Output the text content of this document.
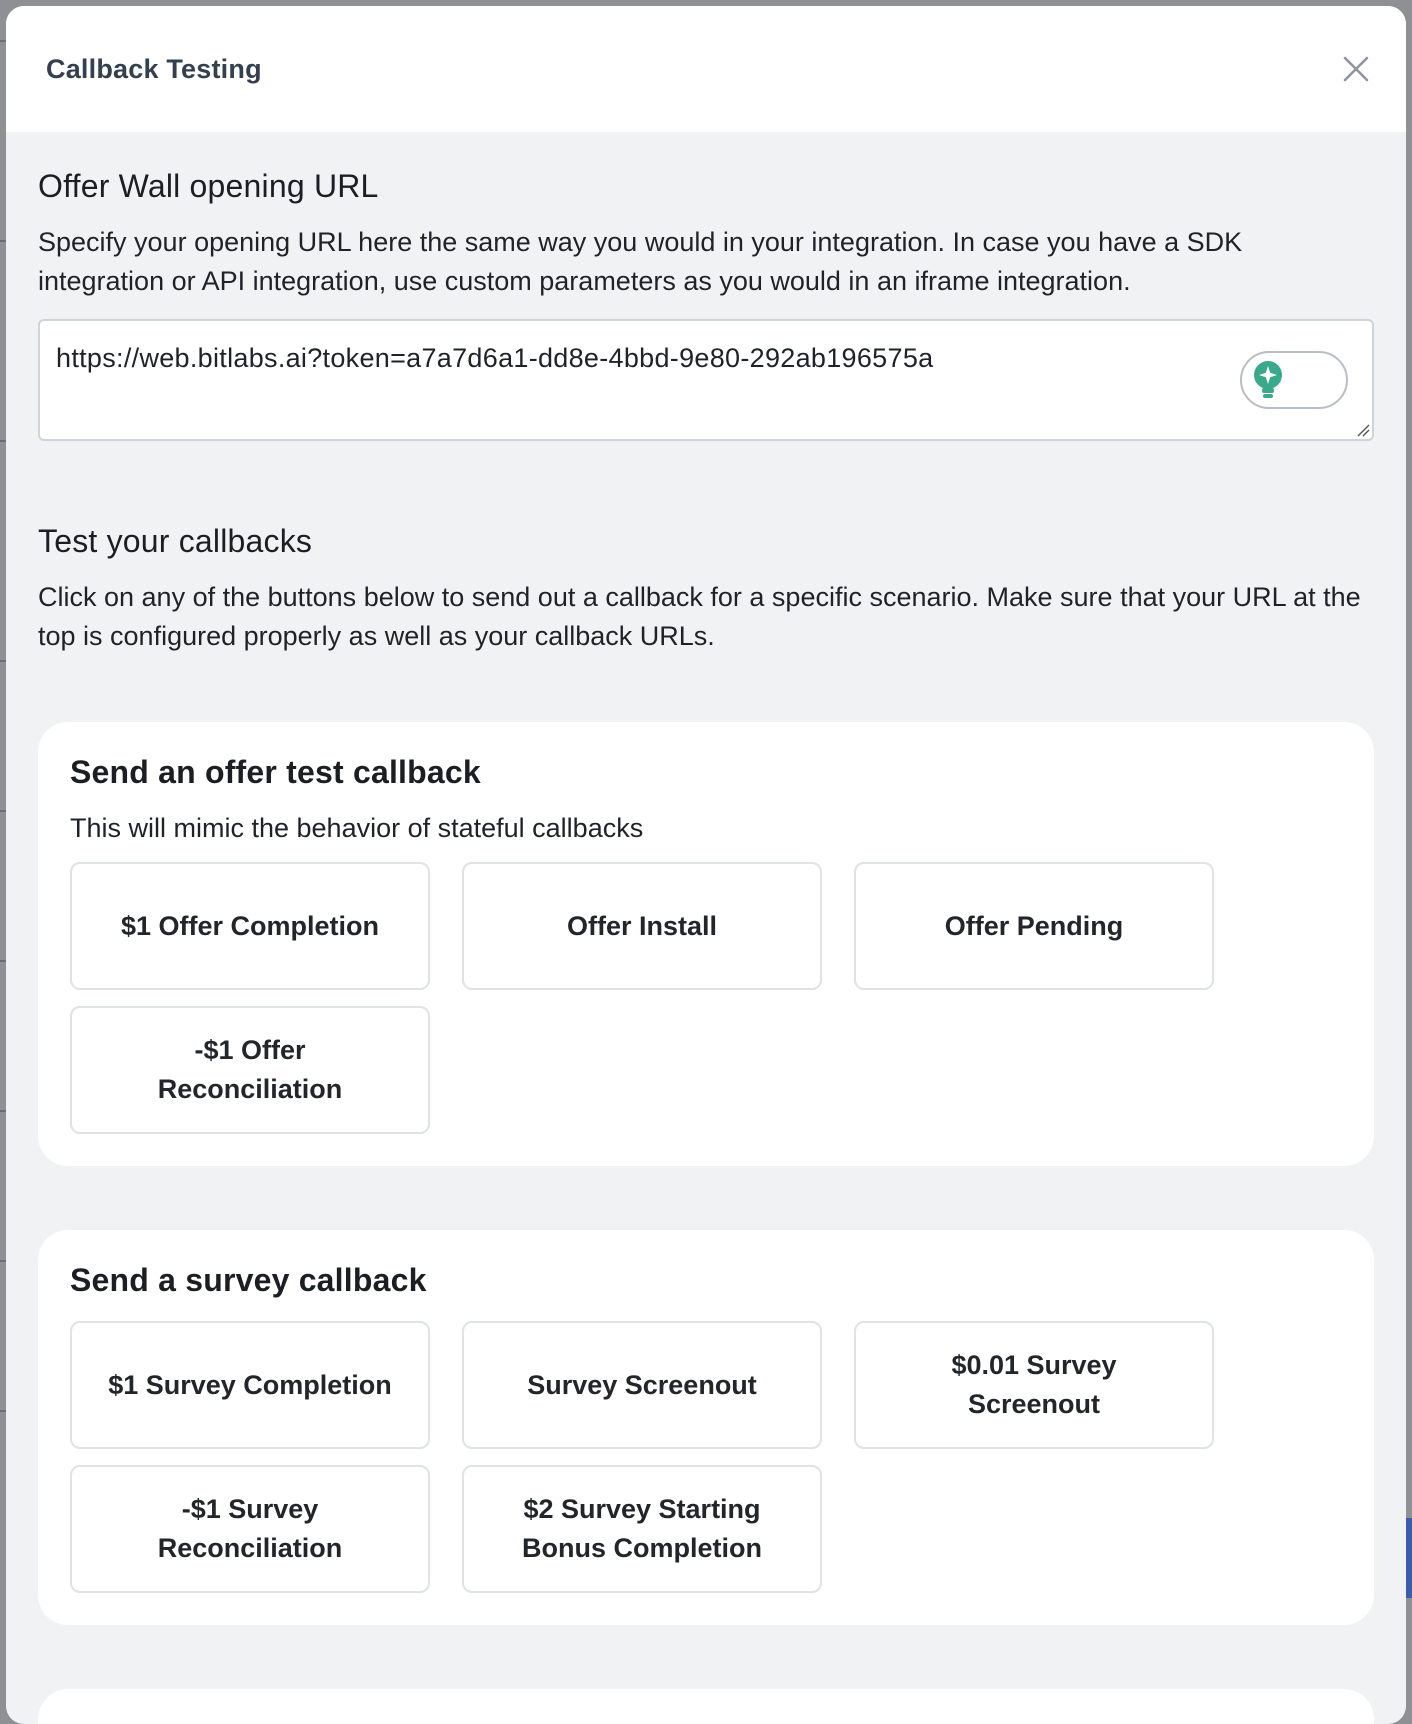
Callback Testing
Offer Wall opening URL

Specify your opening URL here the same way you would in your integration. In case you have a SDK integration or API integration, use custom parameters as you would in an iframe integration.

https://web.bitlabs.ai?token=a7a7d6a1-dd8e-4bbd-9e80-292ab196575a
Test your callbacks

Click on any of the buttons below to send out a callback for a specific scenario. Make sure that your URL at the top is configured properly as well as your callback URLs.

Send an offer test callback

This will mimic the behavior of stateful callbacks

$1 Offer Completion	Offer Install	Offer Pending
-$1 Offer Reconciliation
Send a survey callback
$1 Survey Completion	Survey Screenout
$0.01 Survey Screenout
-$1 Survey Reconciliation
$2 Survey Starting Bonus Completion
